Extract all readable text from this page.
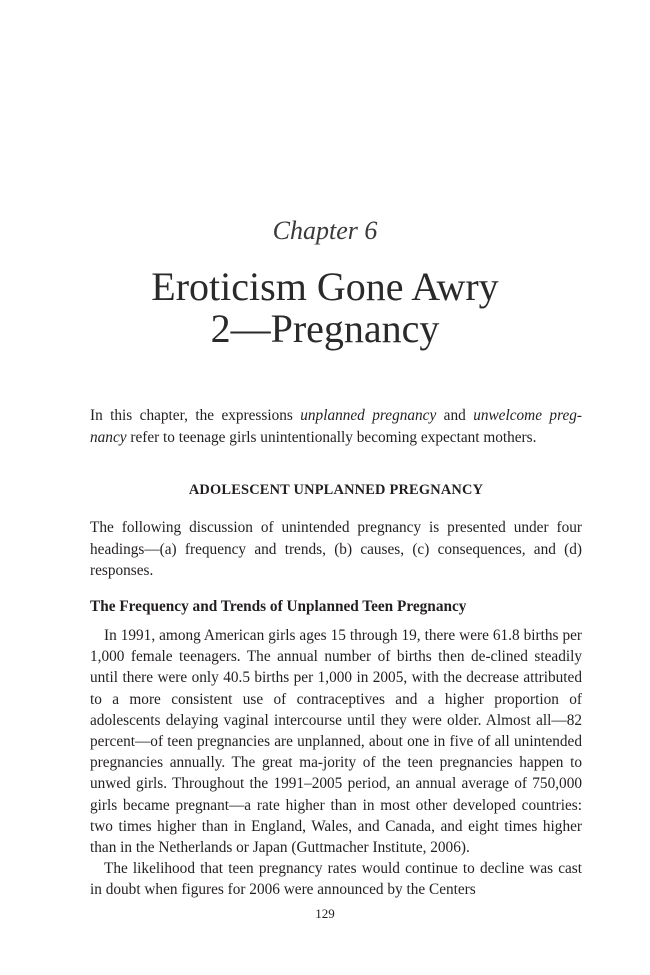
Chapter 6
Eroticism Gone Awry
2—Pregnancy
In this chapter, the expressions unplanned pregnancy and unwelcome preg-nancy refer to teenage girls unintentionally becoming expectant mothers.
ADOLESCENT UNPLANNED PREGNANCY
The following discussion of unintended pregnancy is presented under four headings—(a) frequency and trends, (b) causes, (c) consequences, and (d) responses.
The Frequency and Trends of Unplanned Teen Pregnancy

In 1991, among American girls ages 15 through 19, there were 61.8 births per 1,000 female teenagers. The annual number of births then de-clined steadily until there were only 40.5 births per 1,000 in 2005, with the decrease attributed to a more consistent use of contraceptives and a higher proportion of adolescents delaying vaginal intercourse until they were older. Almost all—82 percent—of teen pregnancies are unplanned, about one in five of all unintended pregnancies annually. The great ma-jority of the teen pregnancies happen to unwed girls. Throughout the 1991–2005 period, an annual average of 750,000 girls became pregnant—a rate higher than in most other developed countries: two times higher than in England, Wales, and Canada, and eight times higher than in the Netherlands or Japan (Guttmacher Institute, 2006).

The likelihood that teen pregnancy rates would continue to decline was cast in doubt when figures for 2006 were announced by the Centers

129
